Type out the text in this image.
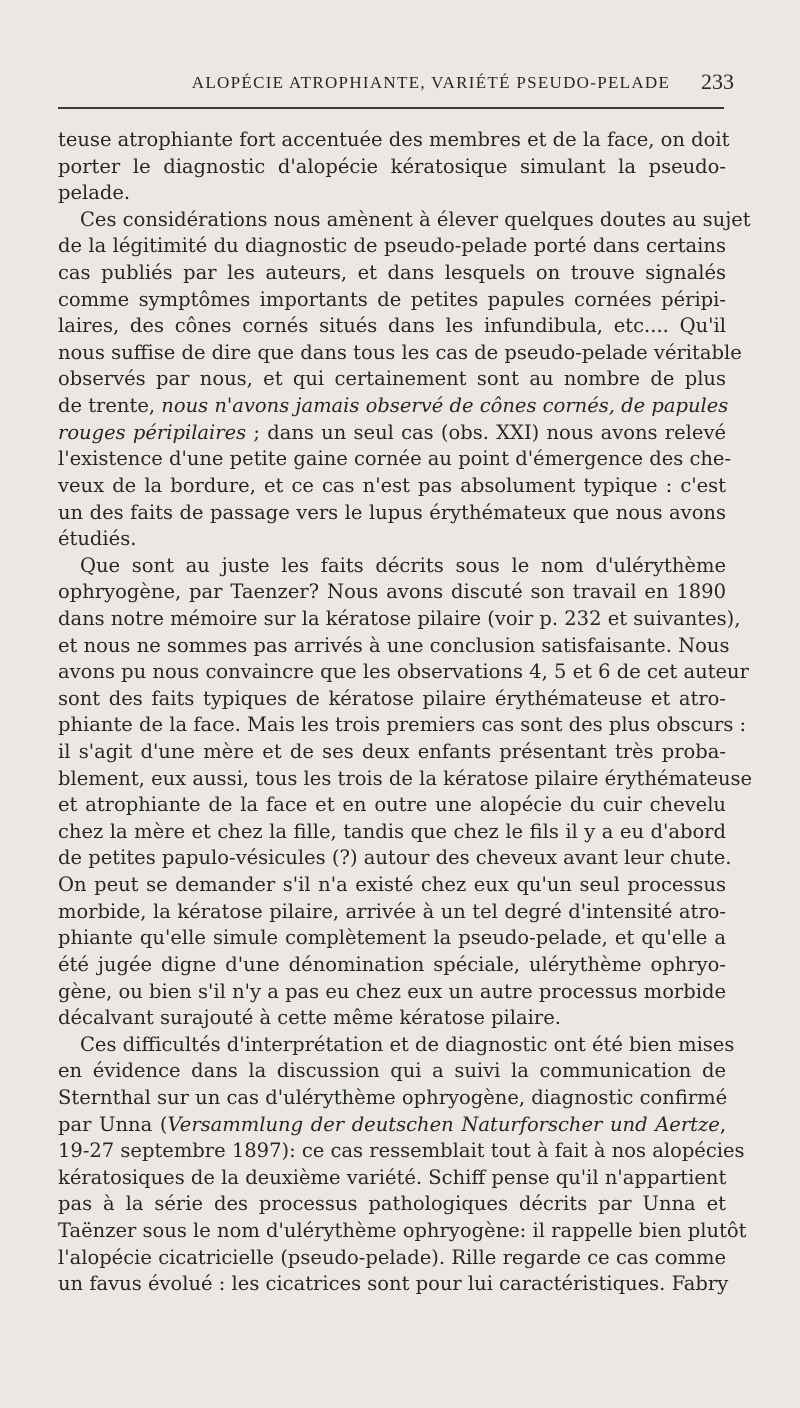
ALOPÉCIE ATROPHIANTE, VARIÉTÉ PSEUDO-PELADE	233
teuse atrophiante fort accentuée des membres et de la face, on doit
porter le diagnostic d'alopécie kératosique simulant la pseudo-
pelade.
Ces considérations nous amènent à élever quelques doutes au sujet
de la légitimité du diagnostic de pseudo-pelade porté dans certains
cas publiés par les auteurs, et dans lesquels on trouve signalés
comme symptômes importants de petites papules cornées péripi-
laires, des cônes cornés situés dans les infundibula, etc.... Qu'il
nous suffise de dire que dans tous les cas de pseudo-pelade véritable
observés par nous, et qui certainement sont au nombre de plus
de trente, nous n'avons jamais observé de cônes cornés, de papules
rouges péripilaires ; dans un seul cas (obs. XXI) nous avons relevé
l'existence d'une petite gaine cornée au point d'émergence des che-
veux de la bordure, et ce cas n'est pas absolument typique : c'est
un des faits de passage vers le lupus érythémateux que nous avons
étudiés.
Que sont au juste les faits décrits sous le nom d'ulérythème
ophryogène, par Taenzer? Nous avons discuté son travail en 1890
dans notre mémoire sur la kératose pilaire (voir p. 232 et suivantes),
et nous ne sommes pas arrivés à une conclusion satisfaisante. Nous
avons pu nous convaincre que les observations 4, 5 et 6 de cet auteur
sont des faits typiques de kératose pilaire érythémateuse et atro-
phiante de la face. Mais les trois premiers cas sont des plus obscurs :
il s'agit d'une mère et de ses deux enfants présentant très proba-
blement, eux aussi, tous les trois de la kératose pilaire érythémateuse
et atrophiante de la face et en outre une alopécie du cuir chevelu
chez la mère et chez la fille, tandis que chez le fils il y a eu d'abord
de petites papulo-vésicules (?) autour des cheveux avant leur chute.
On peut se demander s'il n'a existé chez eux qu'un seul processus
morbide, la kératose pilaire, arrivée à un tel degré d'intensité atro-
phiante qu'elle simule complètement la pseudo-pelade, et qu'elle a
été jugée digne d'une dénomination spéciale, ulérythème ophryo-
gène, ou bien s'il n'y a pas eu chez eux un autre processus morbide
décalvant surajouté à cette même kératose pilaire.
Ces difficultés d'interprétation et de diagnostic ont été bien mises
en évidence dans la discussion qui a suivi la communication de
Sternthal sur un cas d'ulérythème ophryogène, diagnostic confirmé
par Unna (Versammlung der deutschen Naturforscher und Aertze,
19-27 septembre 1897): ce cas ressemblait tout à fait à nos alopécies
kératosiques de la deuxième variété. Schiff pense qu'il n'appartient
pas à la série des processus pathologiques décrits par Unna et
Taënzer sous le nom d'ulérythème ophryogène: il rappelle bien plutôt
l'alopécie cicatricielle (pseudo-pelade). Rille regarde ce cas comme
un favus évolué : les cicatrices sont pour lui caractéristiques. Fabry
